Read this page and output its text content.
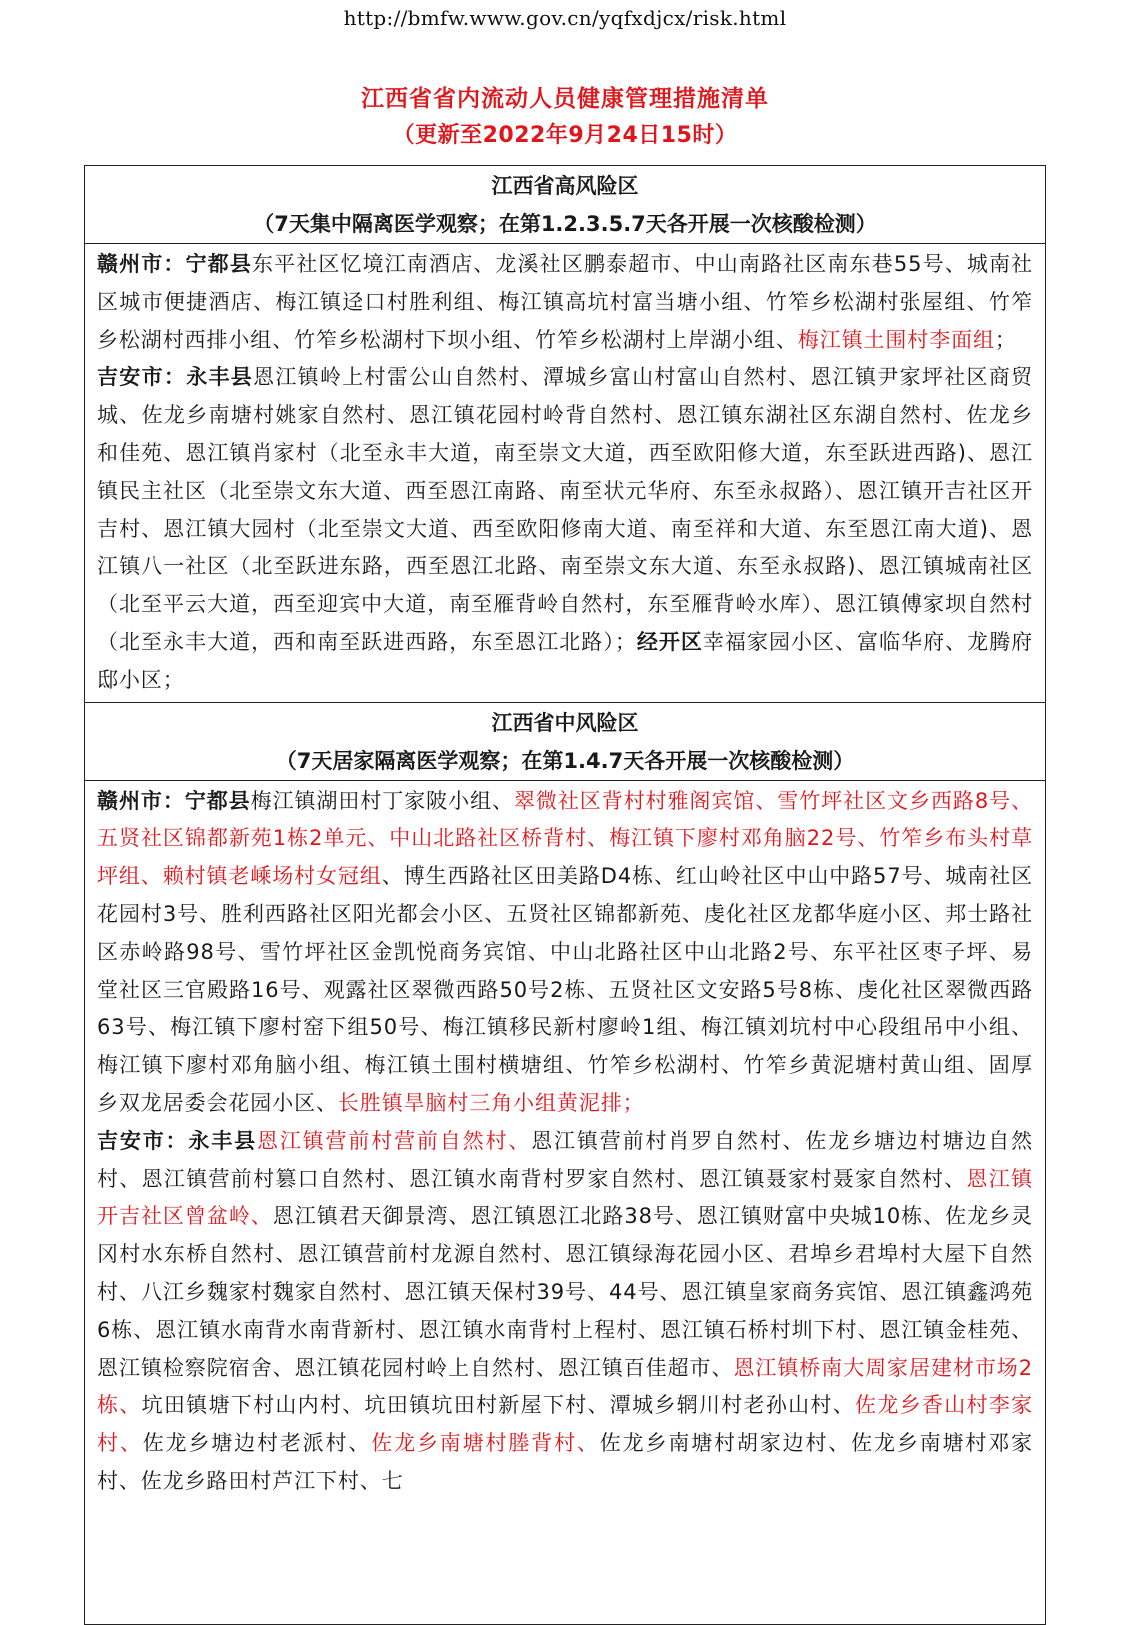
http://bmfw.www.gov.cn/yqfxdjcx/risk.html
江西省省内流动人员健康管理措施清单
（更新至2022年9月24日15时）
江西省高风险区
（7天集中隔离医学观察；在第1.2.3.5.7天各开展一次核酸检测）
赣州市：宁都县东平社区忆境江南酒店、龙溪社区鹏泰超市、中山南路社区南东巷55号、城南社区城市便捷酒店、梅江镇迳口村胜利组、梅江镇高坑村富当塘小组、竹笮乡松湖村张屋组、竹笮乡松湖村西排小组、竹笮乡松湖村下坝小组、竹笮乡松湖村上岸湖小组、梅江镇土围村李面组；
吉安市：永丰县恩江镇岭上村雷公山自然村、潭城乡富山村富山自然村、恩江镇尹家坪社区商贸城、佐龙乡南塘村姚家自然村、恩江镇花园村岭背自然村、恩江镇东湖社区东湖自然村、佐龙乡和佳苑、恩江镇肖家村（北至永丰大道，南至崇文大道，西至欧阳修大道，东至跃进西路)、恩江镇民主社区（北至崇文东大道、西至恩江南路、南至状元华府、东至永叔路）、恩江镇开吉社区开吉村、恩江镇大园村（北至崇文大道、西至欧阳修南大道、南至祥和大道、东至恩江南大道)、恩江镇八一社区（北至跃进东路，西至恩江北路、南至崇文东大道、东至永叔路)、恩江镇城南社区（北至平云大道，西至迎宾中大道，南至雁背岭自然村，东至雁背岭水库）、恩江镇傅家坝自然村（北至永丰大道，西和南至跃进西路，东至恩江北路）；经开区幸福家园小区、富临华府、龙腾府邸小区；
江西省中风险区
（7天居家隔离医学观察；在第1.4.7天各开展一次核酸检测）
赣州市：宁都县梅江镇湖田村丁家陂小组、翠微社区背村村雅阁宾馆、雪竹坪社区文乡西路8号、五贤社区锦都新苑1栋2单元、中山北路社区桥背村、梅江镇下廖村邓角脑22号、竹笮乡布头村草坪组、赖村镇老嵊场村女冠组、博生西路社区田美路D4栋、红山岭社区中山中路57号、城南社区花园村3号、胜利西路社区阳光都会小区、五贤社区锦都新苑、虔化社区龙都华庭小区、邦士路社区赤岭路98号、雪竹坪社区金凯悦商务宾馆、中山北路社区中山北路2号、东平社区枣子坪、易堂社区三官殿路16号、观露社区翠微西路50号2栋、五贤社区文安路5号8栋、虔化社区翠微西路63号、梅江镇下廖村窑下组50号、梅江镇移民新村廖岭1组、梅江镇刘坑村中心段组吊中小组、梅江镇下廖村邓角脑小组、梅江镇土围村横塘组、竹笮乡松湖村、竹笮乡黄泥塘村黄山组、固厚乡双龙居委会花园小区、长胜镇旱脑村三角小组黄泥排；
吉安市：永丰县恩江镇营前村营前自然村、恩江镇营前村肖罗自然村、佐龙乡塘边村塘边自然村、恩江镇营前村篡口自然村、恩江镇水南背村罗家自然村、恩江镇聂家村聂家自然村、恩江镇开吉社区曾盆岭、恩江镇君天御景湾、恩江镇恩江北路38号、恩江镇财富中央城10栋、佐龙乡灵冈村水东桥自然村、恩江镇营前村龙源自然村、恩江镇绿海花园小区、君埠乡君埠村大屋下自然村、八江乡魏家村魏家自然村、恩江镇天保村39号、44号、恩江镇皇家商务宾馆、恩江镇鑫鸿苑6栋、恩江镇水南背水南背新村、恩江镇水南背村上程村、恩江镇石桥村圳下村、恩江镇金桂苑、恩江镇检察院宿舍、恩江镇花园村岭上自然村、恩江镇百佳超市、恩江镇桥南大周家居建材市场2栋、坑田镇塘下村山内村、坑田镇坑田村新屋下村、潭城乡辋川村老孙山村、佐龙乡香山村李家村、佐龙乡塘边村老派村、佐龙乡南塘村塍背村、佐龙乡南塘村胡家边村、佐龙乡南塘村邓家村、佐龙乡路田村芦江下村、七
